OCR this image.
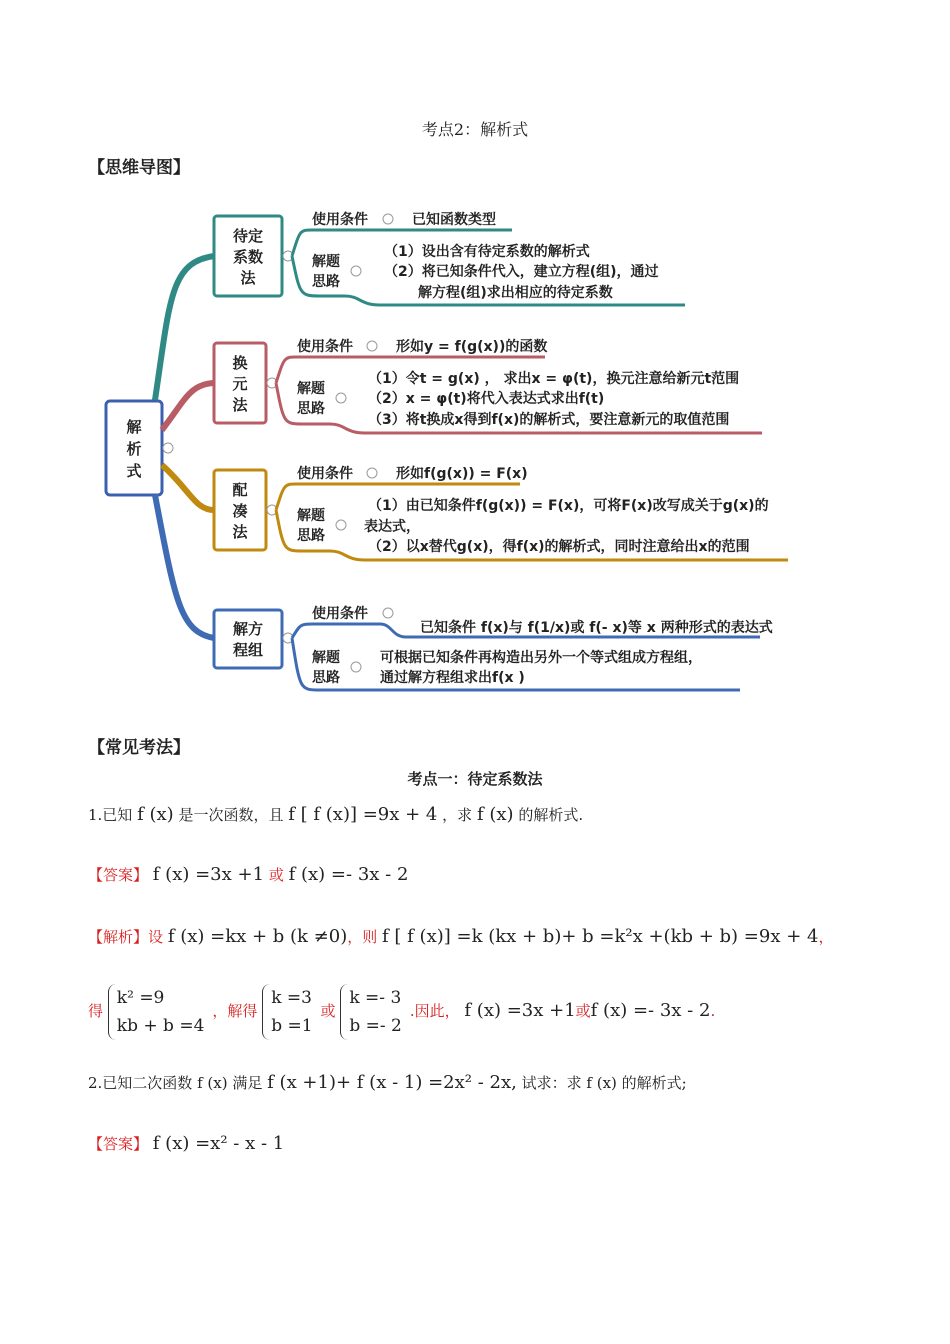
考点2：解析式
【思维导图】
解
析
式
待定
系数
法
使用条件	已知函数类型
解题
思路
（1）设出含有待定系数的解析式
（2）将已知条件代入，建立方程(组)，通过
解方程(组)求出相应的待定系数
换
元
法
使用条件	形如y = f(g(x))的函数
解题
思路
（1）令t = g(x) ， 求出x = φ(t)，换元注意给新元t范围
（2）x = φ(t)将代入表达式求出f(t)
（3）将t换成x得到f(x)的解析式，要注意新元的取值范围
配
凑
法
使用条件	形如f(g(x)) = F(x)
解题
思路
（1）由已知条件f(g(x)) = F(x)，可将F(x)改写成关于g(x)的
表达式，
（2）以x替代g(x)，得f(x)的解析式，同时注意给出x的范围
解方
程组
使用条件
已知条件 f(x)与 f(1/x)或 f(- x)等 x 两种形式的表达式
解题
思路
可根据已知条件再构造出另外一个等式组成方程组，
通过解方程组求出f(x )
【常见考法】
考点一：待定系数法
1.已知 f (x) 是一次函数，且 f [ f (x)] =9x + 4 ，求 f (x) 的解析式.
【答案】 f (x) =3x +1 或 f (x) =- 3x - 2
【解析】设 f (x) =kx + b (k ≠0)，则 f [ f (x)] =k (kx + b)+ b =k²x +(kb + b) =9x + 4，
得 k² =9
kb + b =4，解得 k =3
b =1或 k =- 3
b =- 2.因此， f (x) =3x +1或f (x) =- 3x - 2.
2.已知二次函数 f (x) 满足 f (x +1)+ f (x - 1) =2x² - 2x, 试求：求 f (x) 的解析式;
【答案】 f (x) =x² - x - 1
